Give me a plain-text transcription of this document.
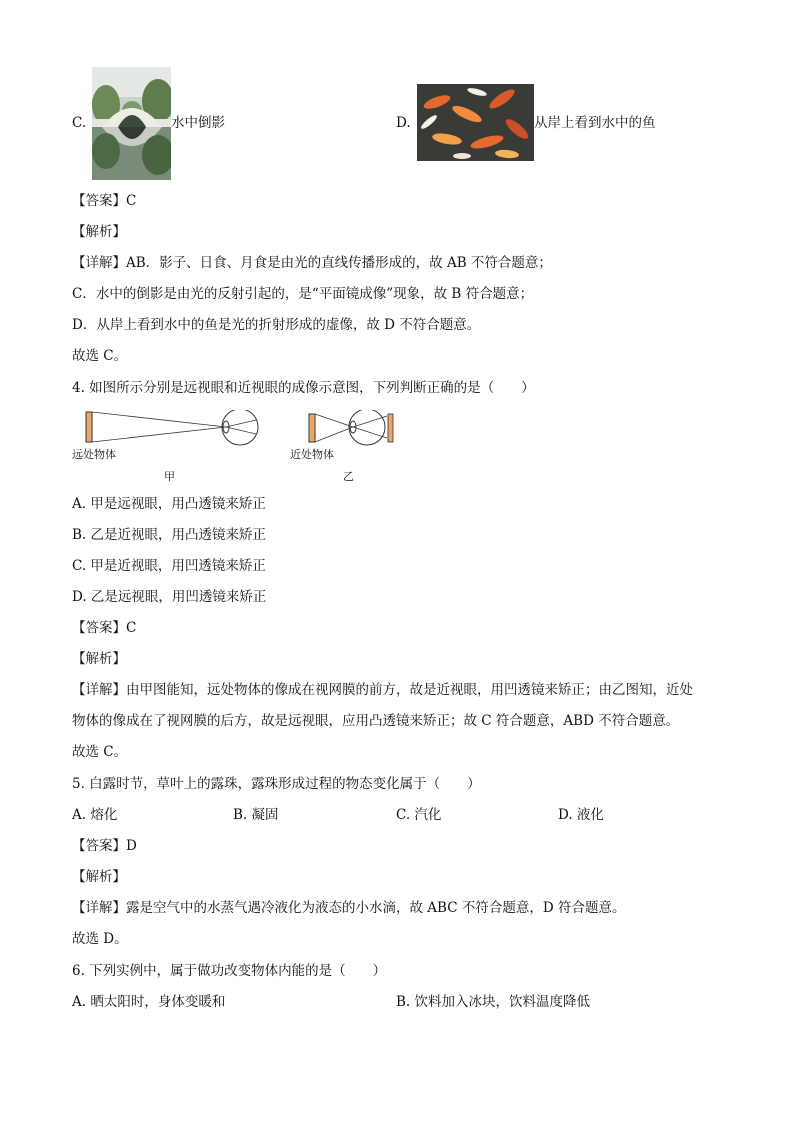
C.	水中倒影	D.	从岸上看到水中的鱼
【答案】C
【解析】
【详解】AB．影子、日食、月食是由光的直线传播形成的，故 AB 不符合题意；
C．水中的倒影是由光的反射引起的，是“平面镜成像”现象，故 B 符合题意；
D．从岸上看到水中的鱼是光的折射形成的虚像，故 D 不符合题意。
故选 C。
4. 如图所示分别是远视眼和近视眼的成像示意图，下列判断正确的是（　　）
远处物体
甲
近处物体
乙
A. 甲是远视眼，用凸透镜来矫正
B. 乙是近视眼，用凸透镜来矫正
C. 甲是近视眼，用凹透镜来矫正
D. 乙是远视眼，用凹透镜来矫正
【答案】C
【解析】
【详解】由甲图能知，远处物体的像成在视网膜的前方，故是近视眼，用凹透镜来矫正；由乙图知，近处
物体的像成在了视网膜的后方，故是远视眼，应用凸透镜来矫正；故 C 符合题意，ABD 不符合题意。
故选 C。
5. 白露时节，草叶上的露珠，露珠形成过程的物态变化属于（　　）
A. 熔化	B. 凝固	C. 汽化	D. 液化
【答案】D
【解析】
【详解】露是空气中的水蒸气遇冷液化为液态的小水滴，故 ABC 不符合题意，D 符合题意。
故选 D。
6. 下列实例中，属于做功改变物体内能的是（　　）
A. 晒太阳时，身体变暖和	B. 饮料加入冰块，饮料温度降低
